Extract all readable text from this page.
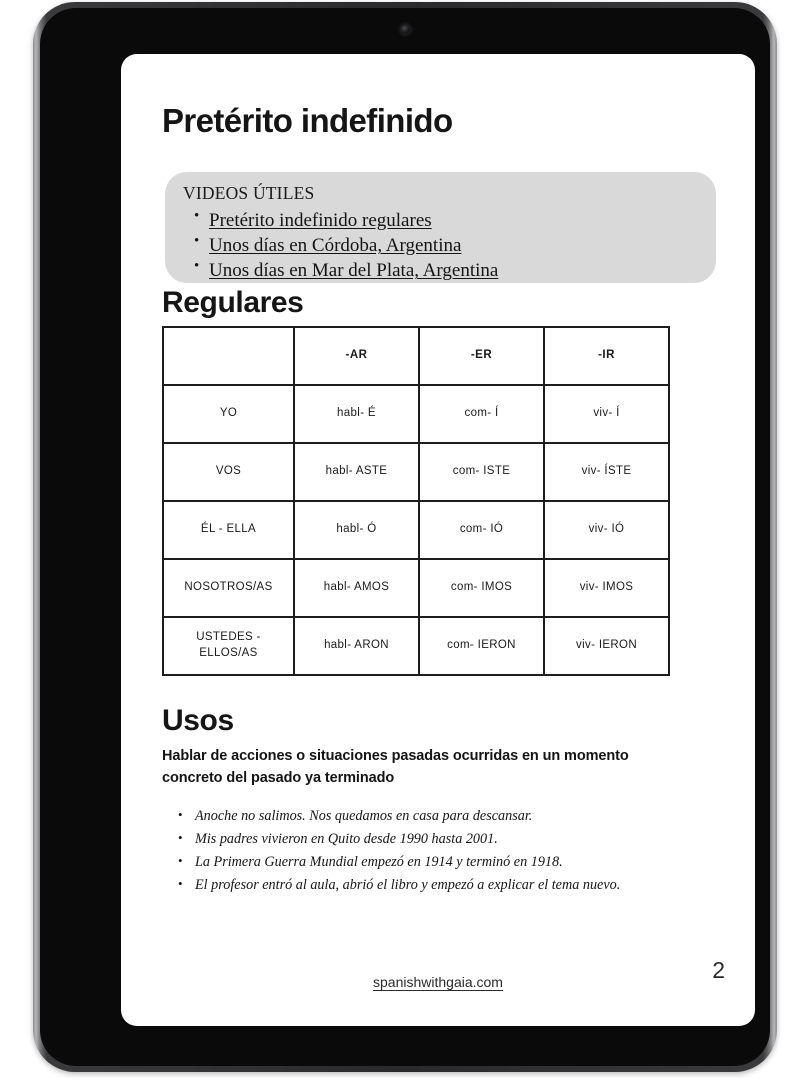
Pretérito indefinido
VIDEOS ÚTILES
• Pretérito indefinido regulares
• Unos días en Córdoba, Argentina
• Unos días en Mar del Plata, Argentina
Regulares
	-AR	-ER	-IR
YO	habl- É	com- Í	viv- Í
VOS	habl- ASTE	com- ISTE	viv- ÍSTE
ÉL - ELLA	habl- Ó	com- IÓ	viv- IÓ
NOSOTROS/AS	habl- AMOS	com- IMOS	viv- IMOS
USTEDES - ELLOS/AS	habl- ARON	com- IERON	viv- IERON
Usos
Hablar de acciones o situaciones pasadas ocurridas en un momento concreto del pasado ya terminado
• Anoche no salimos. Nos quedamos en casa para descansar.
• Mis padres vivieron en Quito desde 1990 hasta 2001.
• La Primera Guerra Mundial empezó en 1914 y terminó en 1918.
• El profesor entró al aula, abrió el libro y empezó a explicar el tema nuevo.
spanishwithgaia.com	2
